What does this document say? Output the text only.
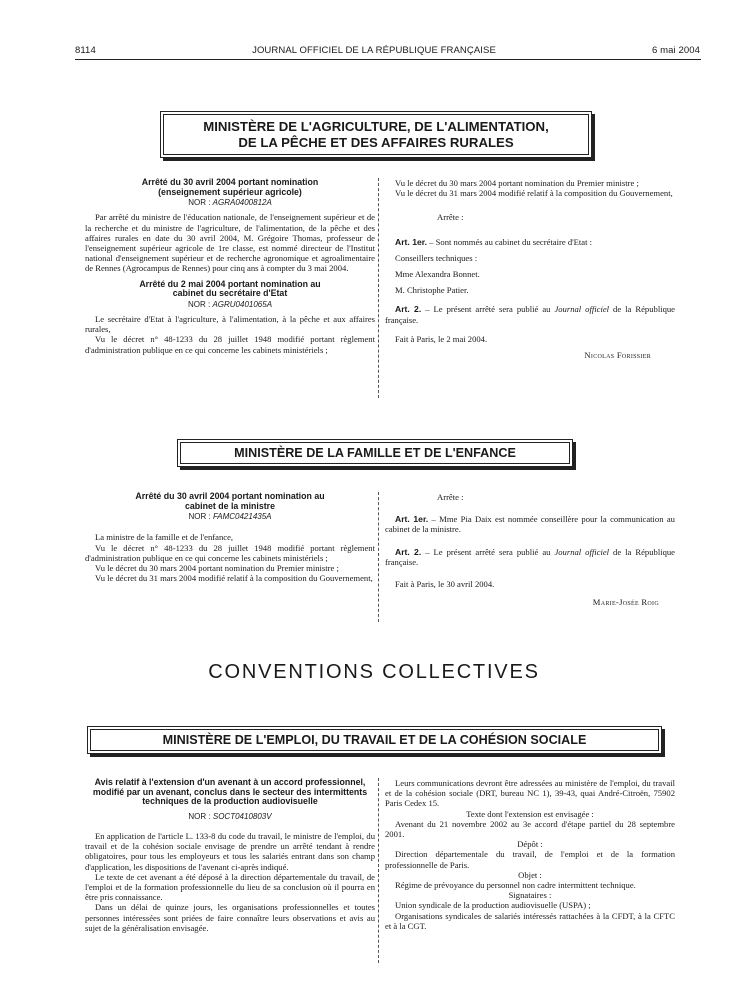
8114	JOURNAL OFFICIEL DE LA RÉPUBLIQUE FRANÇAISE	6 mai 2004
MINISTÈRE DE L'AGRICULTURE, DE L'ALIMENTATION,
DE LA PÊCHE ET DES AFFAIRES RURALES
Arrêté du 30 avril 2004 portant nomination (enseignement supérieur agricole)
NOR : AGRA0400812A

Par arrêté du ministre de l'éducation nationale, de l'enseignement supérieur et de la recherche et du ministre de l'agriculture, de l'alimentation, de la pêche et des affaires rurales en date du 30 avril 2004, M. Grégoire Thomas, professeur de l'enseignement supérieur agricole de 1re classe, est nommé directeur de l'Institut national d'enseignement supérieur et de recherche agronomique et agroalimentaire de Rennes (Agrocampus de Rennes) pour cinq ans à compter du 3 mai 2004.

Arrêté du 2 mai 2004 portant nomination au cabinet du secrétaire d'Etat
NOR : AGRU0401065A

Le secrétaire d'Etat à l'agriculture, à l'alimentation, à la pêche et aux affaires rurales,

Vu le décret n° 48-1233 du 28 juillet 1948 modifié portant règlement d'administration publique en ce qui concerne les cabinets ministériels ;

Vu le décret du 30 mars 2004 portant nomination du Premier ministre ;

Vu le décret du 31 mars 2004 modifié relatif à la composition du Gouvernement,

Arrête :

Art. 1er. – Sont nommés au cabinet du secrétaire d'Etat :

Conseillers techniques :

Mme Alexandra Bonnet.

M. Christophe Patier.

Art. 2. – Le présent arrêté sera publié au Journal officiel de la République française.

Fait à Paris, le 2 mai 2004.

Nicolas Forissier
MINISTÈRE DE LA FAMILLE ET DE L'ENFANCE
Arrêté du 30 avril 2004 portant nomination au cabinet de la ministre
NOR : FAMC0421435A

La ministre de la famille et de l'enfance,

Vu le décret n° 48-1233 du 28 juillet 1948 modifié portant règlement d'administration publique en ce qui concerne les cabinets ministériels ;

Vu le décret du 30 mars 2004 portant nomination du Premier ministre ;

Vu le décret du 31 mars 2004 modifié relatif à la composition du Gouvernement,

Arrête :

Art. 1er. – Mme Pia Daix est nommée conseillère pour la communication au cabinet de la ministre.

Art. 2. – Le présent arrêté sera publié au Journal officiel de la République française.

Fait à Paris, le 30 avril 2004.

Marie-Josée Roig
CONVENTIONS COLLECTIVES
MINISTÈRE DE L'EMPLOI, DU TRAVAIL ET DE LA COHÉSION SOCIALE
Avis relatif à l'extension d'un avenant à un accord professionnel, modifié par un avenant, conclus dans le secteur des intermittents techniques de la production audiovisuelle
NOR : SOCT0410803V

En application de l'article L. 133-8 du code du travail, le ministre de l'emploi, du travail et de la cohésion sociale envisage de prendre un arrêté tendant à rendre obligatoires, pour tous les employeurs et tous les salariés entrant dans son champ d'application, les dispositions de l'avenant ci-après indiqué.

Le texte de cet avenant a été déposé à la direction départementale du travail, de l'emploi et de la formation professionnelle du lieu de sa conclusion où il pourra en être pris connaissance.

Dans un délai de quinze jours, les organisations professionnelles et toutes personnes intéressées sont priées de faire connaître leurs observations et avis au sujet de la généralisation envisagée.

Leurs communications devront être adressées au ministère de l'emploi, du travail et de la cohésion sociale (DRT, bureau NC 1), 39-43, quai André-Citroën, 75902 Paris Cedex 15.

Texte dont l'extension est envisagée :

Avenant du 21 novembre 2002 au 3e accord d'étape partiel du 28 septembre 2001.

Dépôt :

Direction départementale du travail, de l'emploi et de la formation professionnelle de Paris.

Objet :

Régime de prévoyance du personnel non cadre intermittent technique.

Signataires :

Union syndicale de la production audiovisuelle (USPA) ;

Organisations syndicales de salariés intéressés rattachées à la CFDT, à la CFTC et à la CGT.
